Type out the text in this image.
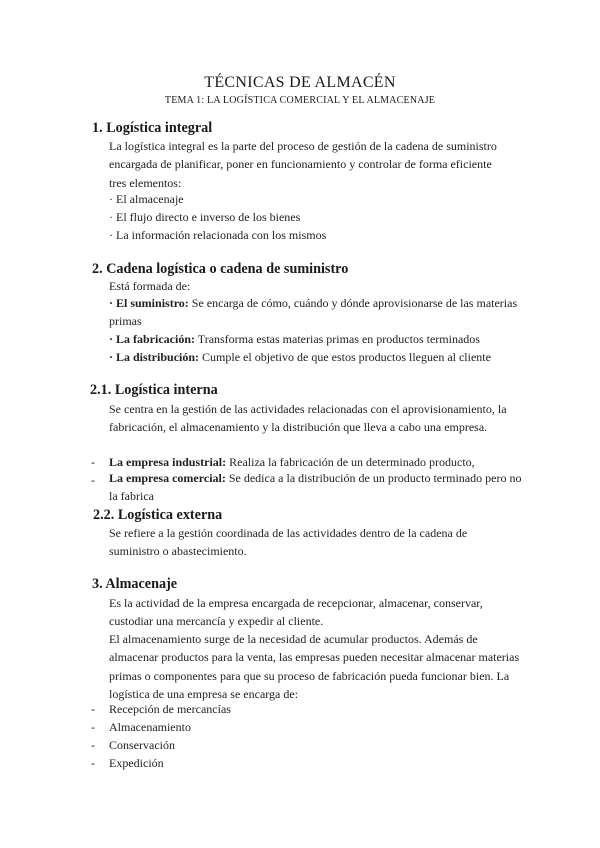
TÉCNICAS DE ALMACÉN
TEMA 1: LA LOGÍSTICA COMERCIAL Y EL ALMACENAJE
1. Logística integral
La logística integral es la parte del proceso de gestión de la cadena de suministro encargada de planificar, poner en funcionamiento y controlar de forma eficiente tres elementos:
· El almacenaje
· El flujo directo e inverso de los bienes
· La información relacionada con los mismos
2. Cadena logística o cadena de suministro
Está formada de:
· El suministro: Se encarga de cómo, cuándo y dónde aprovisionarse de las materias primas
· La fabricación: Transforma estas materias primas en productos terminados
· La distribución: Cumple el objetivo de que estos productos lleguen al cliente
2.1. Logística interna
Se centra en la gestión de las actividades relacionadas con el aprovisionamiento, la fabricación, el almacenamiento y la distribución que lleva a cabo una empresa.
- La empresa industrial: Realiza la fabricación de un determinado producto,
- La empresa comercial: Se dedica a la distribución de un producto terminado pero no la fabrica
2.2. Logística externa
Se refiere a la gestión coordinada de las actividades dentro de la cadena de suministro o abastecimiento.
3. Almacenaje
Es la actividad de la empresa encargada de recepcionar, almacenar, conservar, custodiar una mercancía y expedir al cliente.
El almacenamiento surge de la necesidad de acumular productos. Además de almacenar productos para la venta, las empresas pueden necesitar almacenar materias primas o componentes para que su proceso de fabricación pueda funcionar bien. La logística de una empresa se encarga de:
- Recepción de mercancías
- Almacenamiento
- Conservación
- Expedición
